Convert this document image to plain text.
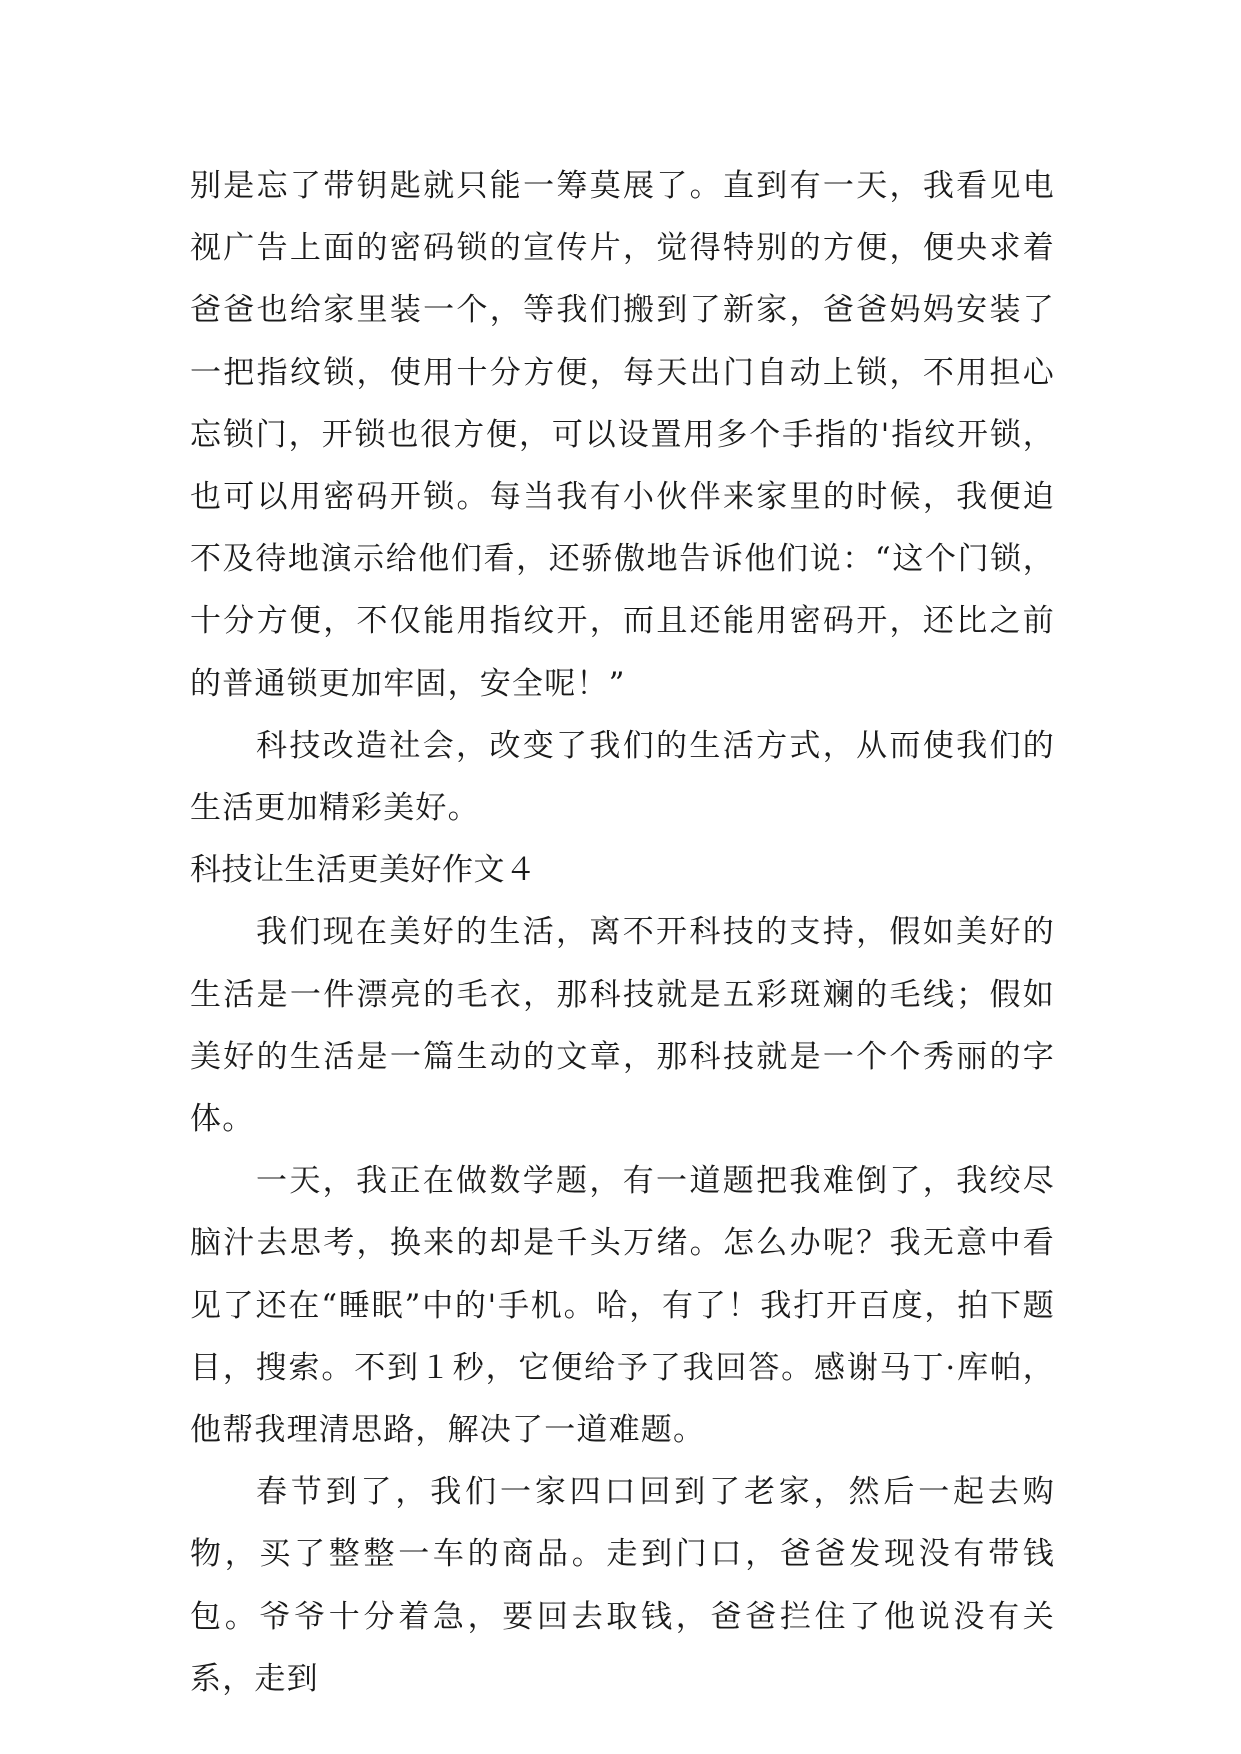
别是忘了带钥匙就只能一筹莫展了。直到有一天，我看见电视广告上面的密码锁的宣传片，觉得特别的方便，便央求着爸爸也给家里装一个，等我们搬到了新家，爸爸妈妈安装了一把指纹锁，使用十分方便，每天出门自动上锁，不用担心忘锁门，开锁也很方便，可以设置用多个手指的'指纹开锁，也可以用密码开锁。每当我有小伙伴来家里的时候，我便迫不及待地演示给他们看，还骄傲地告诉他们说：“这个门锁，十分方便，不仅能用指纹开，而且还能用密码开，还比之前的普通锁更加牢固，安全呢！”

科技改造社会，改变了我们的生活方式，从而使我们的生活更加精彩美好。

科技让生活更美好作文４

我们现在美好的生活，离不开科技的支持，假如美好的生活是一件漂亮的毛衣，那科技就是五彩斑斓的毛线；假如美好的生活是一篇生动的文章，那科技就是一个个秀丽的字体。

一天，我正在做数学题，有一道题把我难倒了，我绞尽脑汁去思考，换来的却是千头万绪。怎么办呢？我无意中看见了还在“睡眠”中的'手机。哈，有了！我打开百度，拍下题目，搜索。不到１秒，它便给予了我回答。感谢马丁·库帕，他帮我理清思路，解决了一道难题。

春节到了，我们一家四口回到了老家，然后一起去购物，买了整整一车的商品。走到门口，爸爸发现没有带钱包。爷爷十分着急，要回去取钱，爸爸拦住了他说没有关系，走到
